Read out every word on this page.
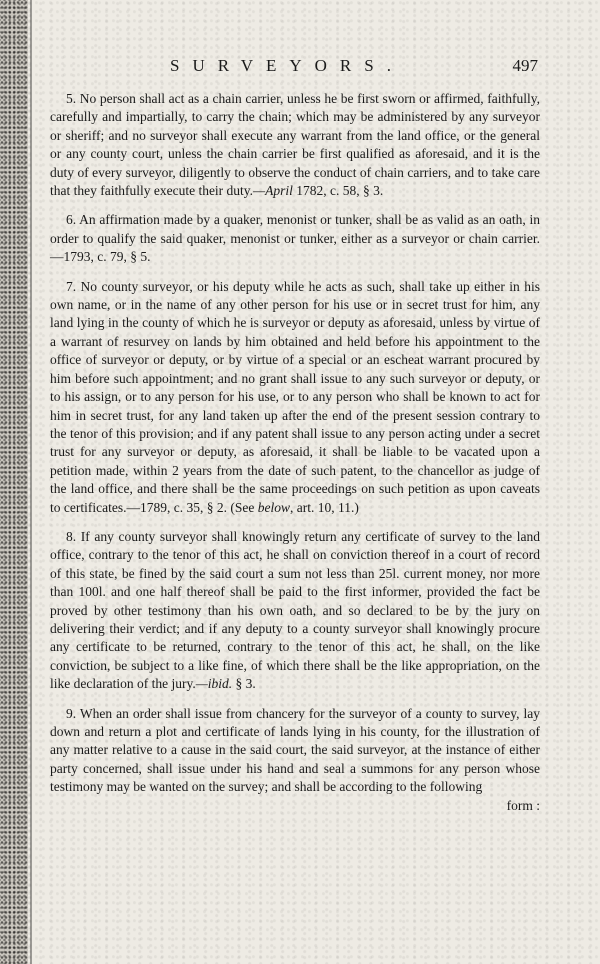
SURVEYORS.	497

5. No person shall act as a chain carrier, unless he be first sworn or affirmed, faithfully, carefully and impartially, to carry the chain; which may be administered by any surveyor or sheriff; and no surveyor shall execute any warrant from the land office, or the general or any county court, unless the chain carrier be first qualified as aforesaid, and it is the duty of every surveyor, diligently to observe the conduct of chain carriers, and to take care that they faithfully execute their duty.—April 1782, c. 58, § 3.

6. An affirmation made by a quaker, menonist or tunker, shall be as valid as an oath, in order to qualify the said quaker, menonist or tunker, either as a surveyor or chain carrier.—1793, c. 79, § 5.

7. No county surveyor, or his deputy while he acts as such, shall take up either in his own name, or in the name of any other person for his use or in secret trust for him, any land lying in the county of which he is surveyor or deputy as aforesaid, unless by virtue of a warrant of resurvey on lands by him obtained and held before his appointment to the office of surveyor or deputy, or by virtue of a special or an escheat warrant procured by him before such appointment; and no grant shall issue to any such surveyor or deputy, or to his assign, or to any person for his use, or to any person who shall be known to act for him in secret trust, for any land taken up after the end of the present session contrary to the tenor of this provision; and if any patent shall issue to any person acting under a secret trust for any surveyor or deputy, as aforesaid, it shall be liable to be vacated upon a petition made, within 2 years from the date of such patent, to the chancellor as judge of the land office, and there shall be the same proceedings on such petition as upon caveats to certificates.—1789, c. 35, § 2. (See below, art. 10, 11.)

8. If any county surveyor shall knowingly return any certificate of survey to the land office, contrary to the tenor of this act, he shall on conviction thereof in a court of record of this state, be fined by the said court a sum not less than 25l. current money, nor more than 100l. and one half thereof shall be paid to the first informer, provided the fact be proved by other testimony than his own oath, and so declared to be by the jury on delivering their verdict; and if any deputy to a county surveyor shall knowingly procure any certificate to be returned, contrary to the tenor of this act, he shall, on the like conviction, be subject to a like fine, of which there shall be the like appropriation, on the like declaration of the jury.—ibid. § 3.

9. When an order shall issue from chancery for the surveyor of a county to survey, lay down and return a plot and certificate of lands lying in his county, for the illustration of any matter relative to a cause in the said court, the said surveyor, at the instance of either party concerned, shall issue under his hand and seal a summons for any person whose testimony may be wanted on the survey; and shall be according to the following
form :
